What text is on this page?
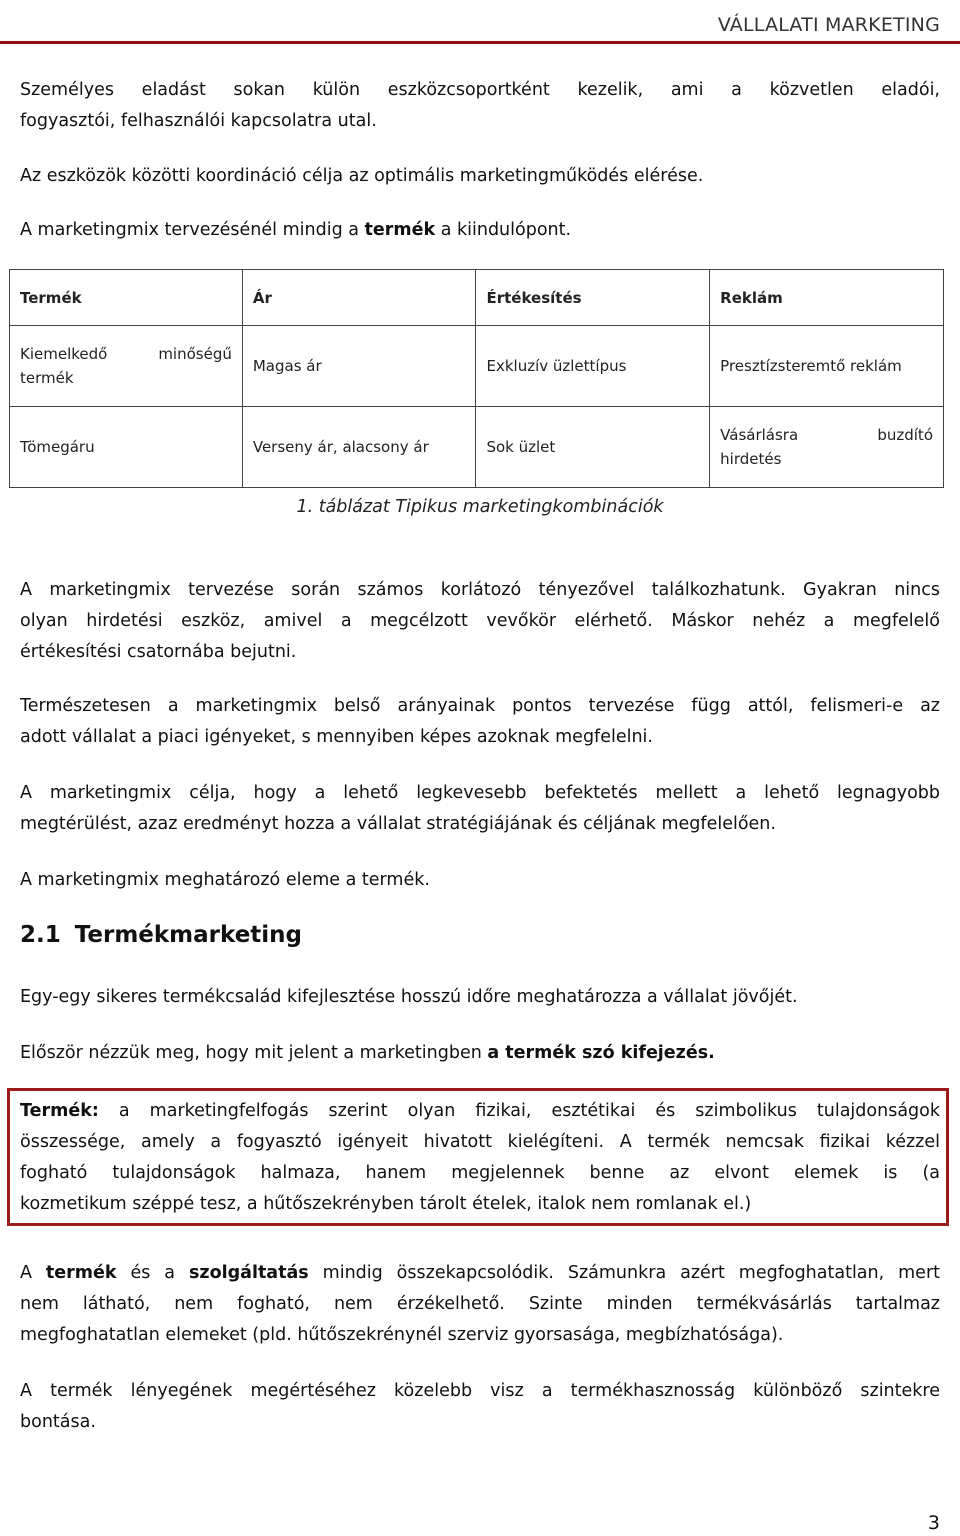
VÁLLALATI MARKETING

Személyes eladást sokan külön eszközcsoportként kezelik, ami a közvetlen eladói,

fogyasztói, felhasználói kapcsolatra utal.

Az eszközök közötti koordináció célja az optimális marketingműködés elérése.

A marketingmix tervezésénél mindig a termék a kiindulópont.

Termék	Ár	Értékesítés	Reklám

Kiemelkedő minőségű
termék	Magas ár	Exkluzív üzlettípus	Presztízsteremtő reklám
Tömegáru	Verseny ár, alacsony ár	Sok üzlet	Vásárlásra buzdító
hirdetés
1. táblázat Tipikus marketingkombinációk
A marketingmix tervezése során számos korlátozó tényezővel találkozhatunk. Gyakran nincs
olyan hirdetési eszköz, amivel a megcélzott vevőkör elérhető. Máskor nehéz a megfelelő
értékesítési csatornába bejutni.
Természetesen a marketingmix belső arányainak pontos tervezése függ attól, felismeri-e az
adott vállalat a piaci igényeket, s mennyiben képes azoknak megfelelni.
A marketingmix célja, hogy a lehető legkevesebb befektetés mellett a lehető legnagyobb
megtérülést, azaz eredményt hozza a vállalat stratégiájának és céljának megfelelően.

A marketingmix meghatározó eleme a termék.

2.1 Termékmarketing

Egy-egy sikeres termékcsalád kifejlesztése hosszú időre meghatározza a vállalat jövőjét.

Először nézzük meg, hogy mit jelent a marketingben a termék szó kifejezés.

Termék: a marketingfelfogás szerint olyan fizikai, esztétikai és szimbolikus tulajdonságok
összessége, amely a fogyasztó igényeit hivatott kielégíteni. A termék nemcsak fizikai kézzel
fogható tulajdonságok halmaza, hanem megjelennek benne az elvont elemek is (a
kozmetikum széppé tesz, a hűtőszekrényben tárolt ételek, italok nem romlanak el.)
A termék és a szolgáltatás mindig összekapcsolódik. Számunkra azért megfoghatatlan, mert
nem látható, nem fogható, nem érzékelhető. Szinte minden termékvásárlás tartalmaz
megfoghatatlan elemeket (pld. hűtőszekrénynél szerviz gyorsasága, megbízhatósága).
A termék lényegének megértéséhez közelebb visz a termékhasznosság különböző szintekre
bontása.
3
